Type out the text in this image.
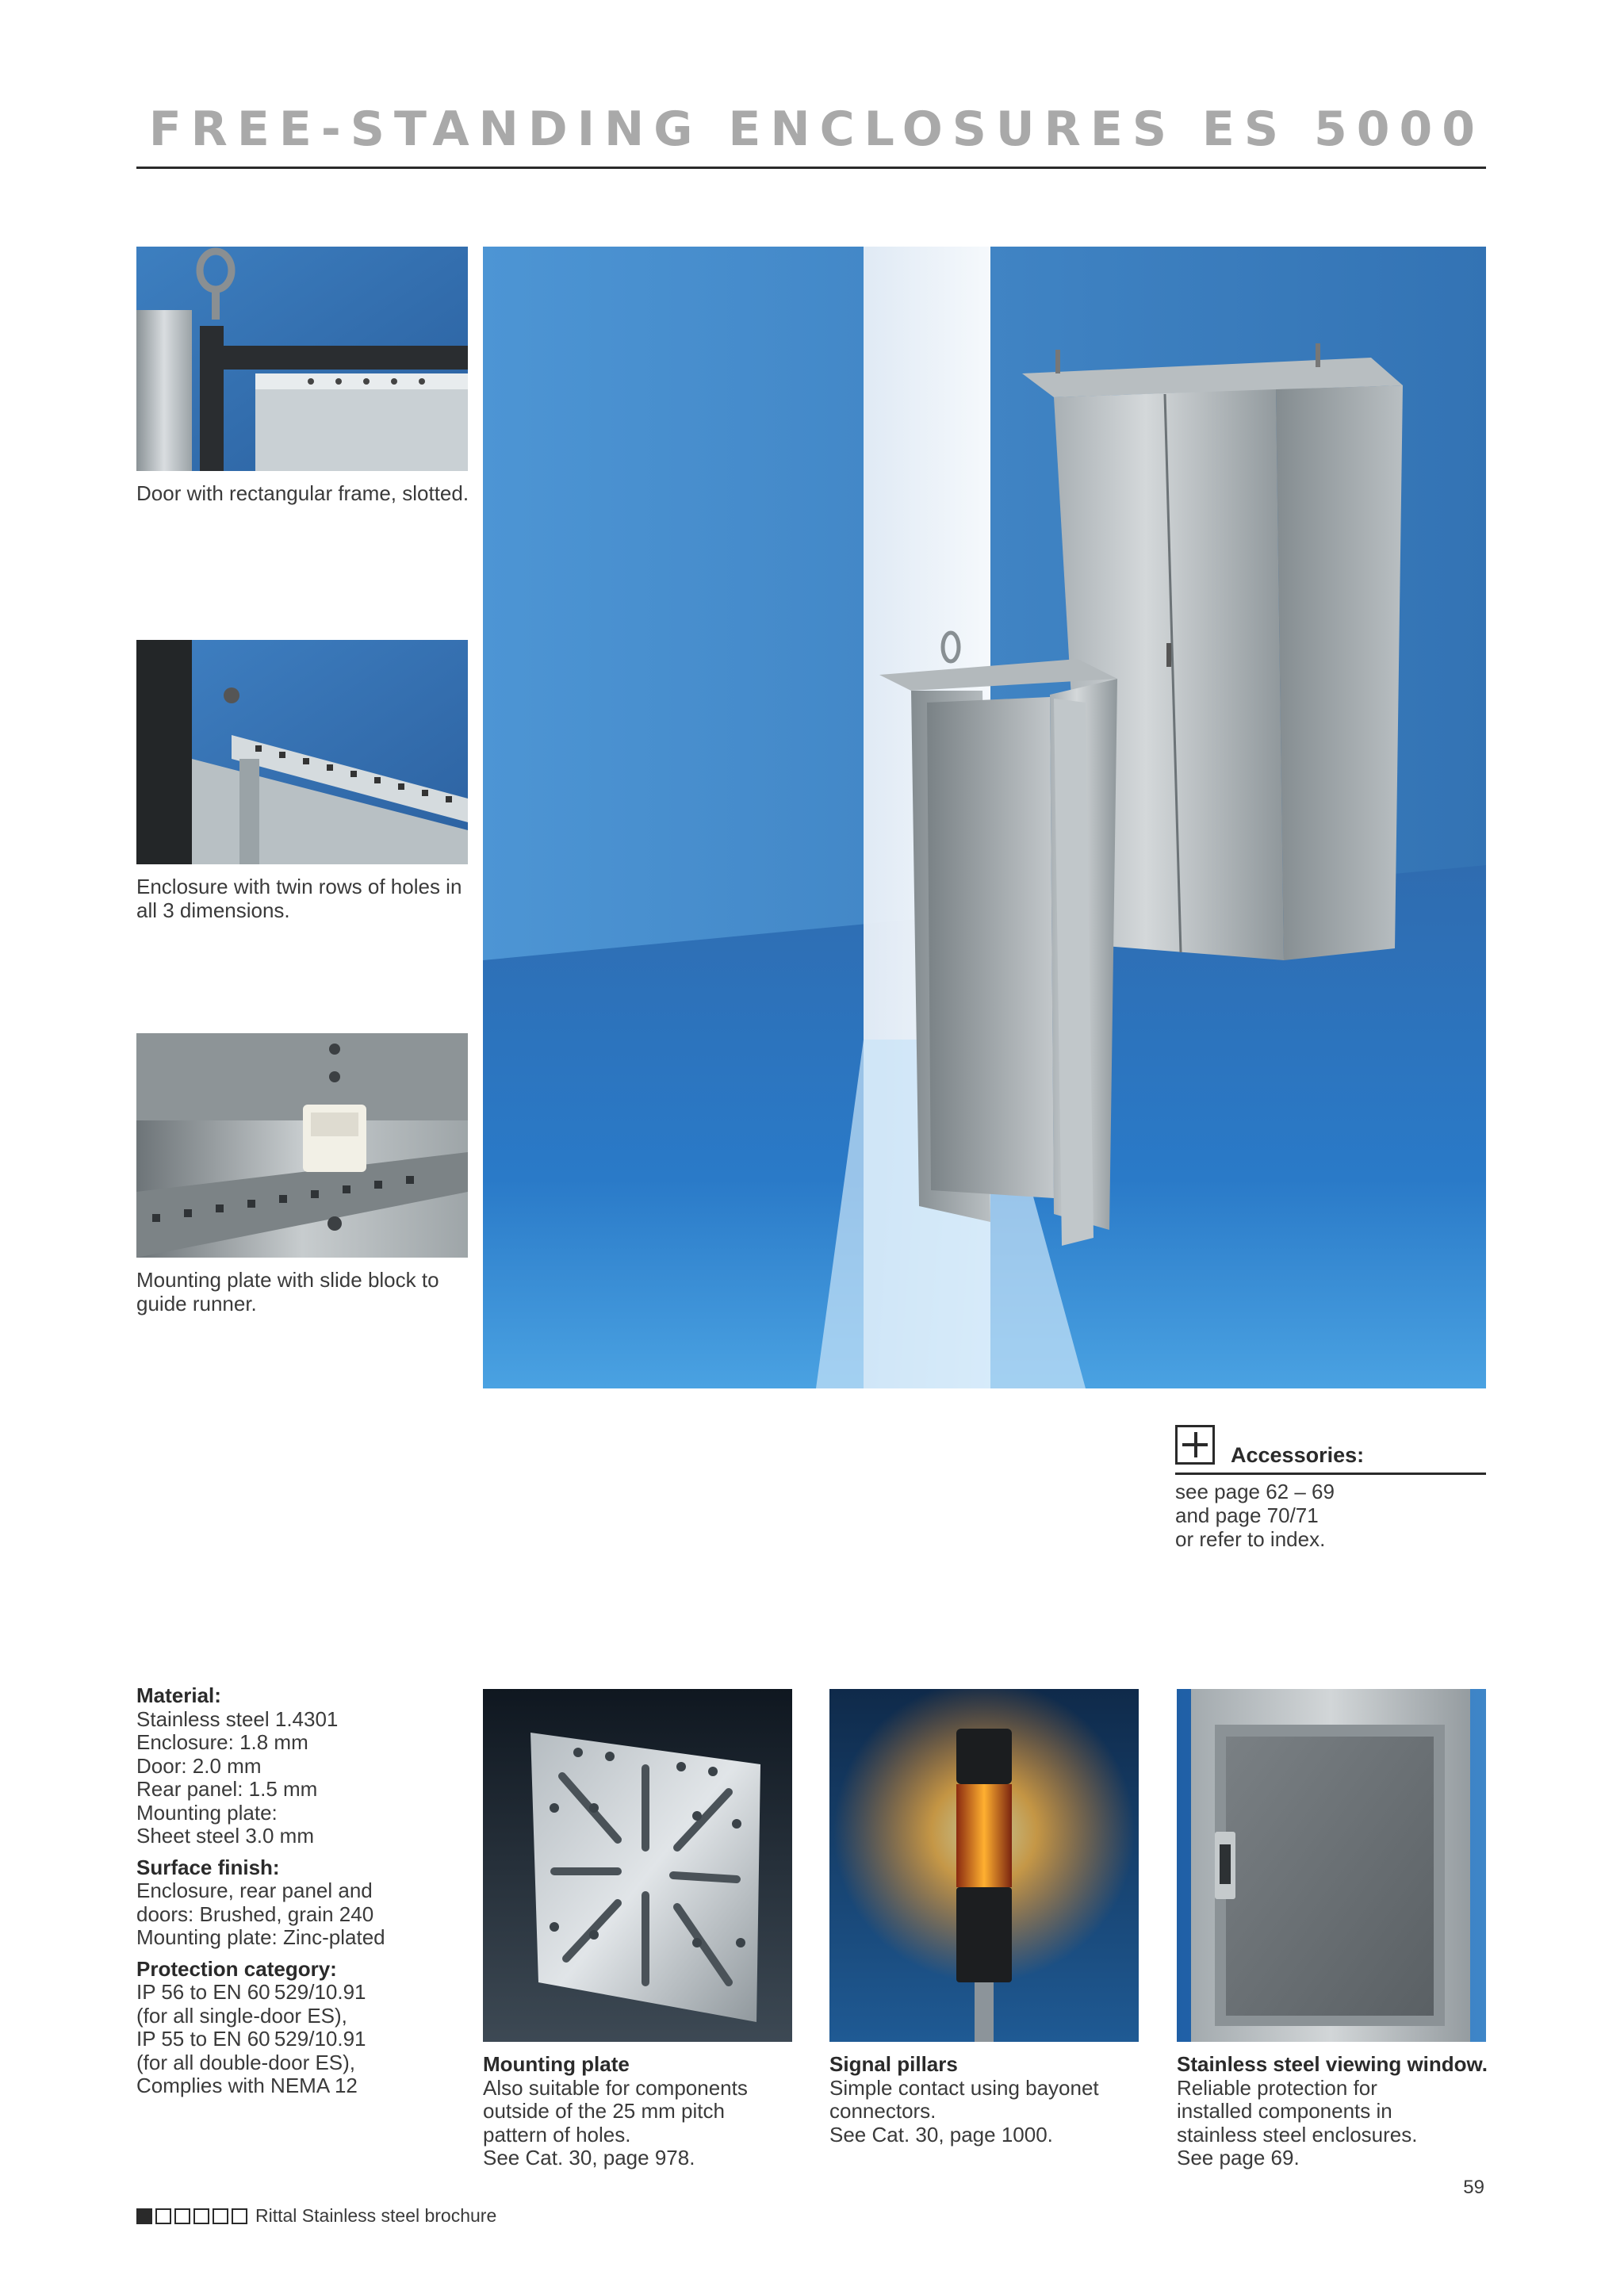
FREE-STANDING ENCLOSURES ES 5000
Door with rectangular frame, slotted.
Enclosure with twin rows of holes in all 3 dimensions.
Mounting plate with slide block to guide runner.
Accessories:
see page 62 – 69
and page 70/71
or refer to index.
Material:
Stainless steel 1.4301
Enclosure: 1.8 mm
Door: 2.0 mm
Rear panel: 1.5 mm
Mounting plate:
Sheet steel 3.0 mm
Surface finish:
Enclosure, rear panel and
doors: Brushed, grain 240
Mounting plate: Zinc-plated
Protection category:
IP 56 to EN 60 529/10.91
(for all single-door ES),
IP 55 to EN 60 529/10.91
(for all double-door ES),
Complies with NEMA 12
Mounting plate
Also suitable for components
outside of the 25 mm pitch
pattern of holes.
See Cat. 30, page 978.
Signal pillars
Simple contact using bayonet
connectors.
See Cat. 30, page 1000.
Stainless steel viewing window. Reliable protection for
installed components in
stainless steel enclosures.
See page 69.
59
Rittal Stainless steel brochure
